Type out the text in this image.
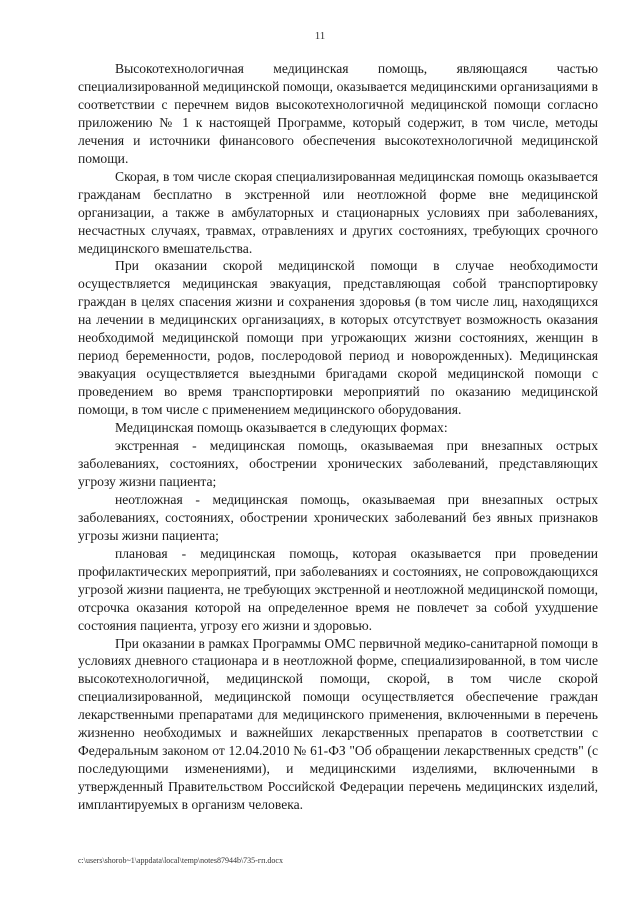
11

Высокотехнологичная медицинская помощь, являющаяся частью специализированной медицинской помощи, оказывается медицинскими организациями в соответствии с перечнем видов высокотехнологичной медицинской помощи согласно приложению № 1 к настоящей Программе, который содержит, в том числе, методы лечения и источники финансового обеспечения высокотехнологичной медицинской помощи.

Скорая, в том числе скорая специализированная медицинская помощь оказывается гражданам бесплатно в экстренной или неотложной форме вне медицинской организации, а также в амбулаторных и стационарных условиях при заболеваниях, несчастных случаях, травмах, отравлениях и других состояниях, требующих срочного медицинского вмешательства.

При оказании скорой медицинской помощи в случае необходимости осуществляется медицинская эвакуация, представляющая собой транспортировку граждан в целях спасения жизни и сохранения здоровья (в том числе лиц, находящихся на лечении в медицинских организациях, в которых отсутствует возможность оказания необходимой медицинской помощи при угрожающих жизни состояниях, женщин в период беременности, родов, послеродовой период и новорожденных). Медицинская эвакуация осуществляется выездными бригадами скорой медицинской помощи с проведением во время транспортировки мероприятий по оказанию медицинской помощи, в том числе с применением медицинского оборудования.

Медицинская помощь оказывается в следующих формах:

экстренная - медицинская помощь, оказываемая при внезапных острых заболеваниях, состояниях, обострении хронических заболеваний, представляющих угрозу жизни пациента;

неотложная - медицинская помощь, оказываемая при внезапных острых заболеваниях, состояниях, обострении хронических заболеваний без явных признаков угрозы жизни пациента;

плановая - медицинская помощь, которая оказывается при проведении профилактических мероприятий, при заболеваниях и состояниях, не сопровождающихся угрозой жизни пациента, не требующих экстренной и неотложной медицинской помощи, отсрочка оказания которой на определенное время не повлечет за собой ухудшение состояния пациента, угрозу его жизни и здоровью.

При оказании в рамках Программы ОМС первичной медико-санитарной помощи в условиях дневного стационара и в неотложной форме, специализированной, в том числе высокотехнологичной, медицинской помощи, скорой, в том числе скорой специализированной, медицинской помощи осуществляется обеспечение граждан лекарственными препаратами для медицинского применения, включенными в перечень жизненно необходимых и важнейших лекарственных препаратов в соответствии с Федеральным законом от 12.04.2010 № 61-ФЗ "Об обращении лекарственных средств" (с последующими изменениями), и медицинскими изделиями, включенными в утвержденный Правительством Российской Федерации перечень медицинских изделий, имплантируемых в организм человека.

c:\users\shorob~1\appdata\local\temp\notes87944b\735-гп.docx
